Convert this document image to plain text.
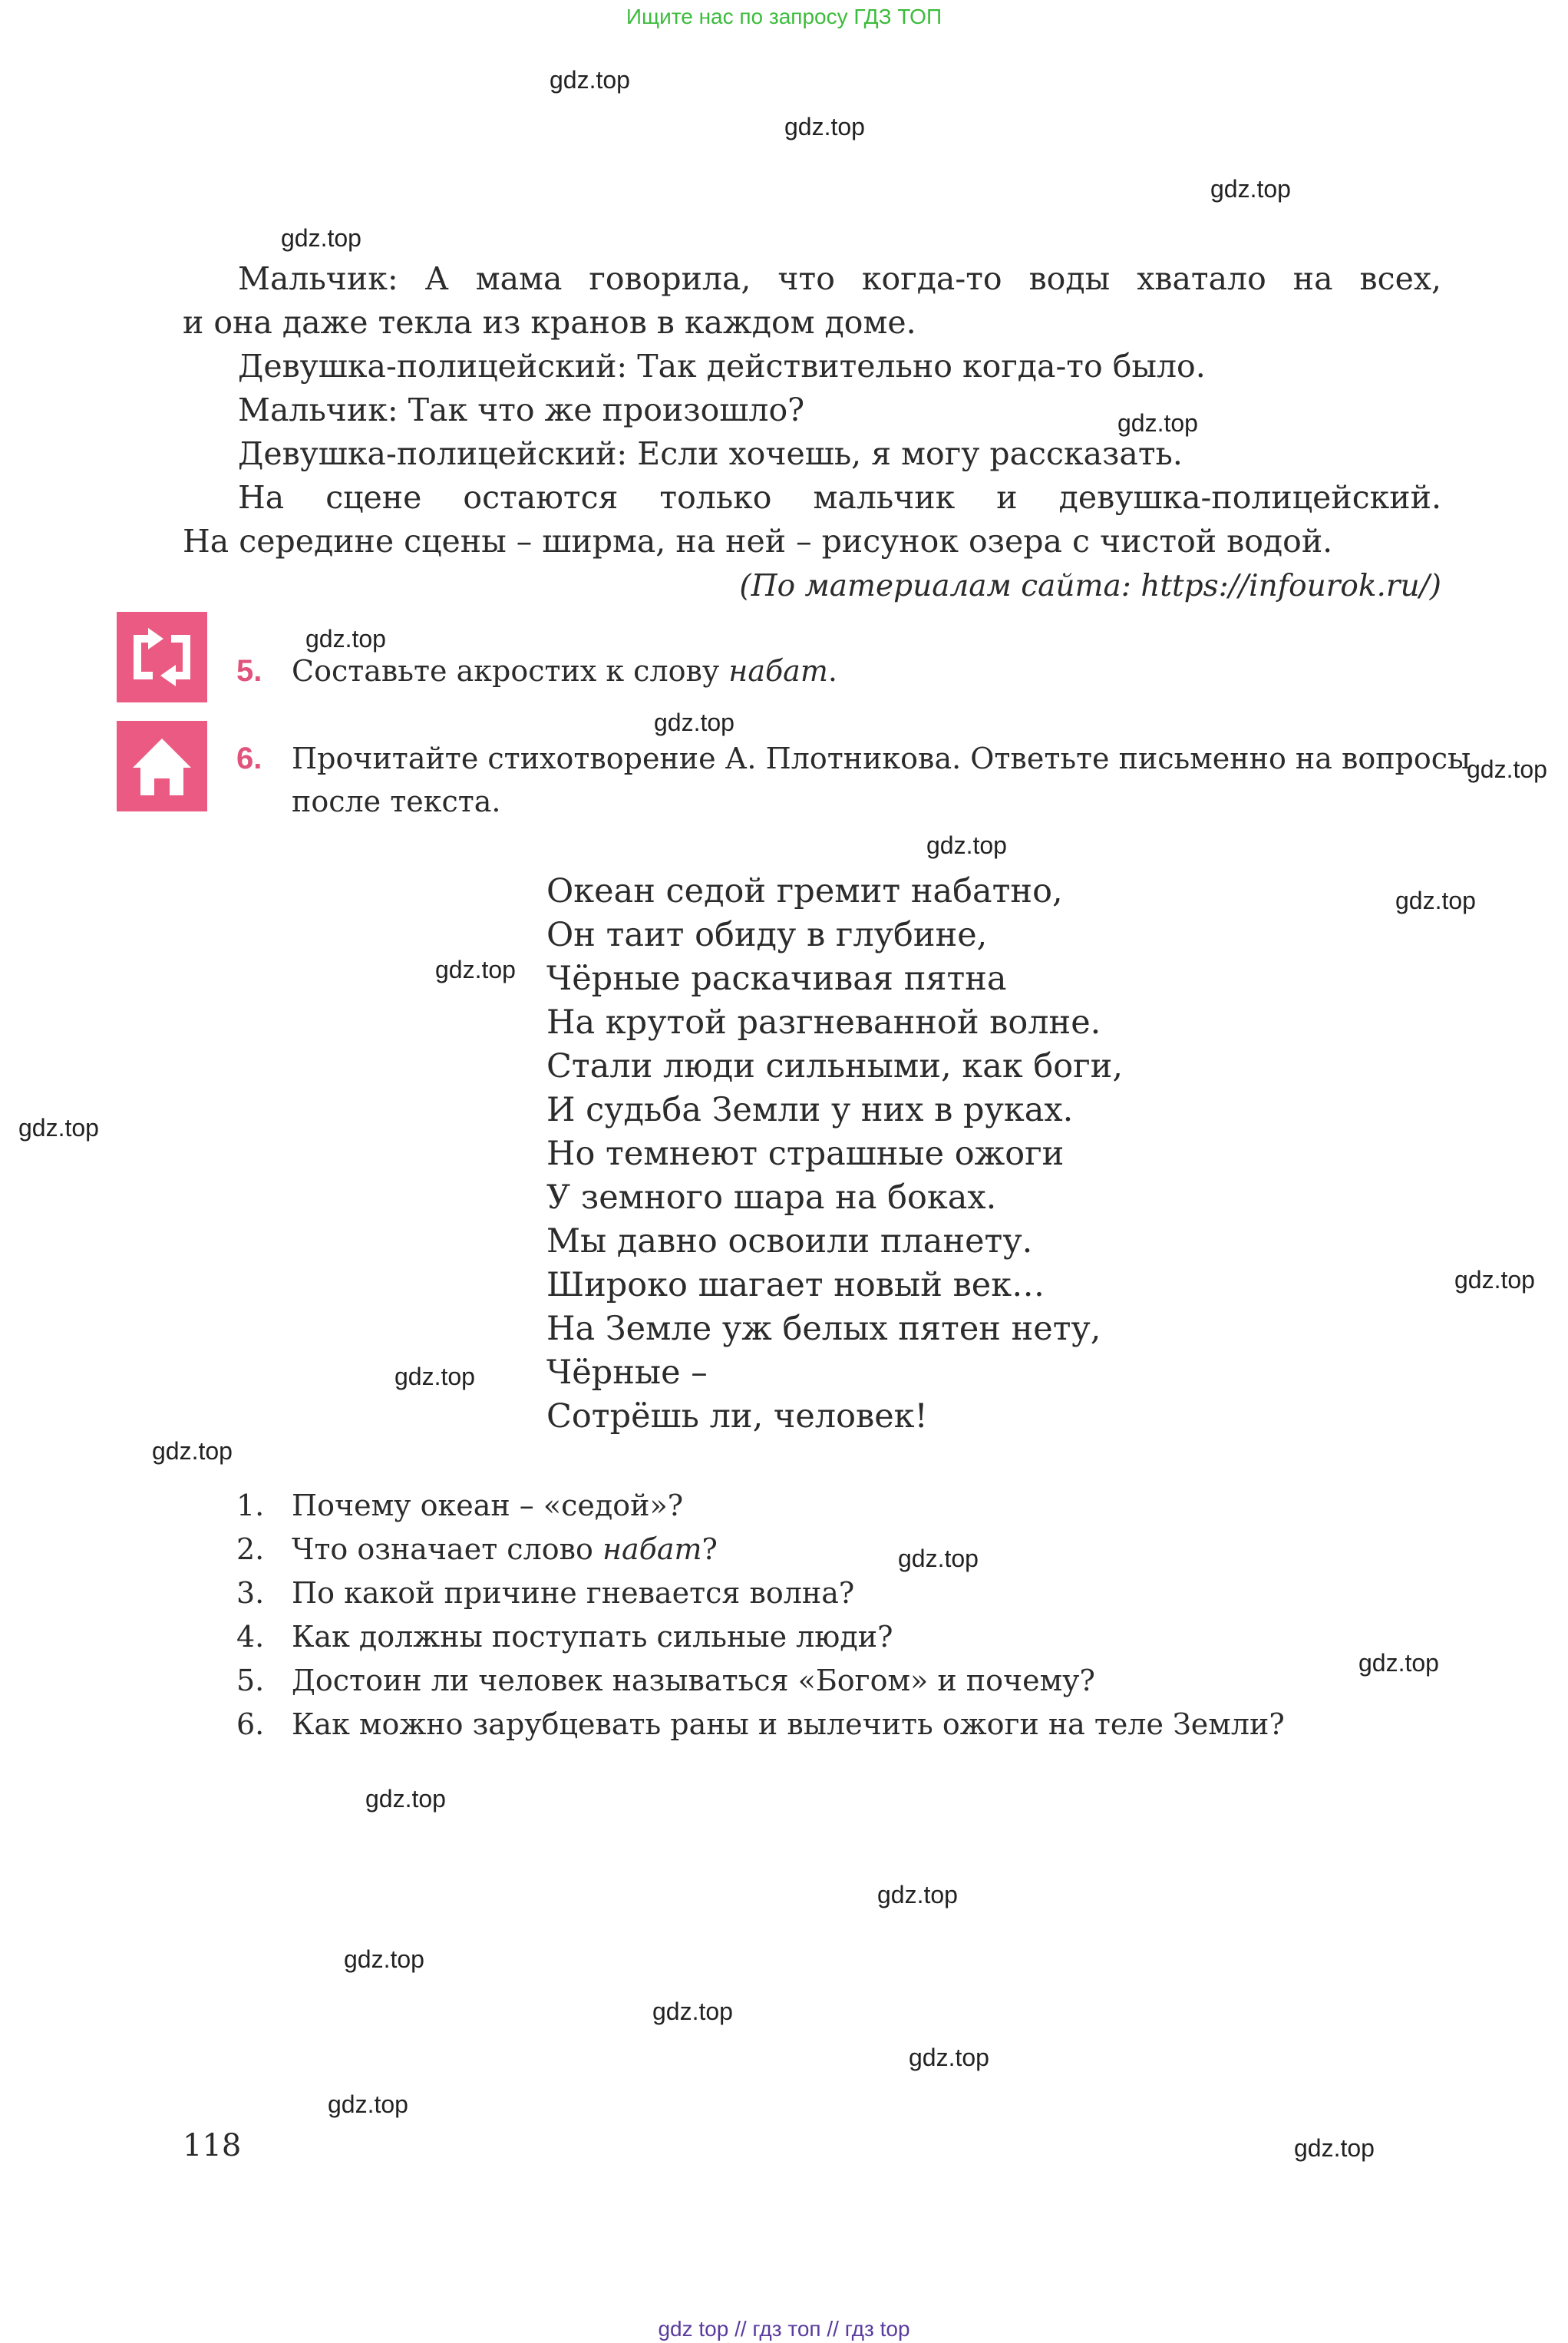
Ищите нас по запросу ГДЗ ТОП
gdz.top
gdz.top
gdz.top
gdz.top
gdz.top
gdz.top
gdz.top
gdz.top
gdz.top
gdz.top
gdz.top
gdz.top
gdz.top
gdz.top
gdz.top
gdz.top
gdz.top
gdz.top
gdz.top
gdz.top
gdz.top
gdz.top
gdz.top
gdz.top
Мальчик: А мама говорила, что когда-то воды хватало на всех,
и она даже текла из кранов в каждом доме.
Девушка-полицейский: Так действительно когда-то было.
Мальчик: Так что же произошло?
Девушка-полицейский: Если хочешь, я могу рассказать.
На сцене остаются только мальчик и девушка-полицейский.
На середине сцены – ширма, на ней – рисунок озера с чистой водой.
(По материалам сайта: https://infourok.ru/)
5. Составьте акростих к слову набат.
6. Прочитайте стихотворение А. Плотникова. Ответьте письменно на вопросы
после текста.
Океан седой гремит набатно,
Он таит обиду в глубине,
Чёрные раскачивая пятна
На крутой разгневанной волне.
Стали люди сильными, как боги,
И судьба Земли у них в руках.
Но темнеют страшные ожоги
У земного шара на боках.
Мы давно освоили планету.
Широко шагает новый век…
На Земле уж белых пятен нету,
Чёрные –
Сотрёшь ли, человек!
1. Почему океан – «седой»?
2. Что означает слово набат?
3. По какой причине гневается волна?
4. Как должны поступать сильные люди?
5. Достоин ли человек называться «Богом» и почему?
6. Как можно зарубцевать раны и вылечить ожоги на теле Земли?
118
gdz top // гдз топ // гдз top
